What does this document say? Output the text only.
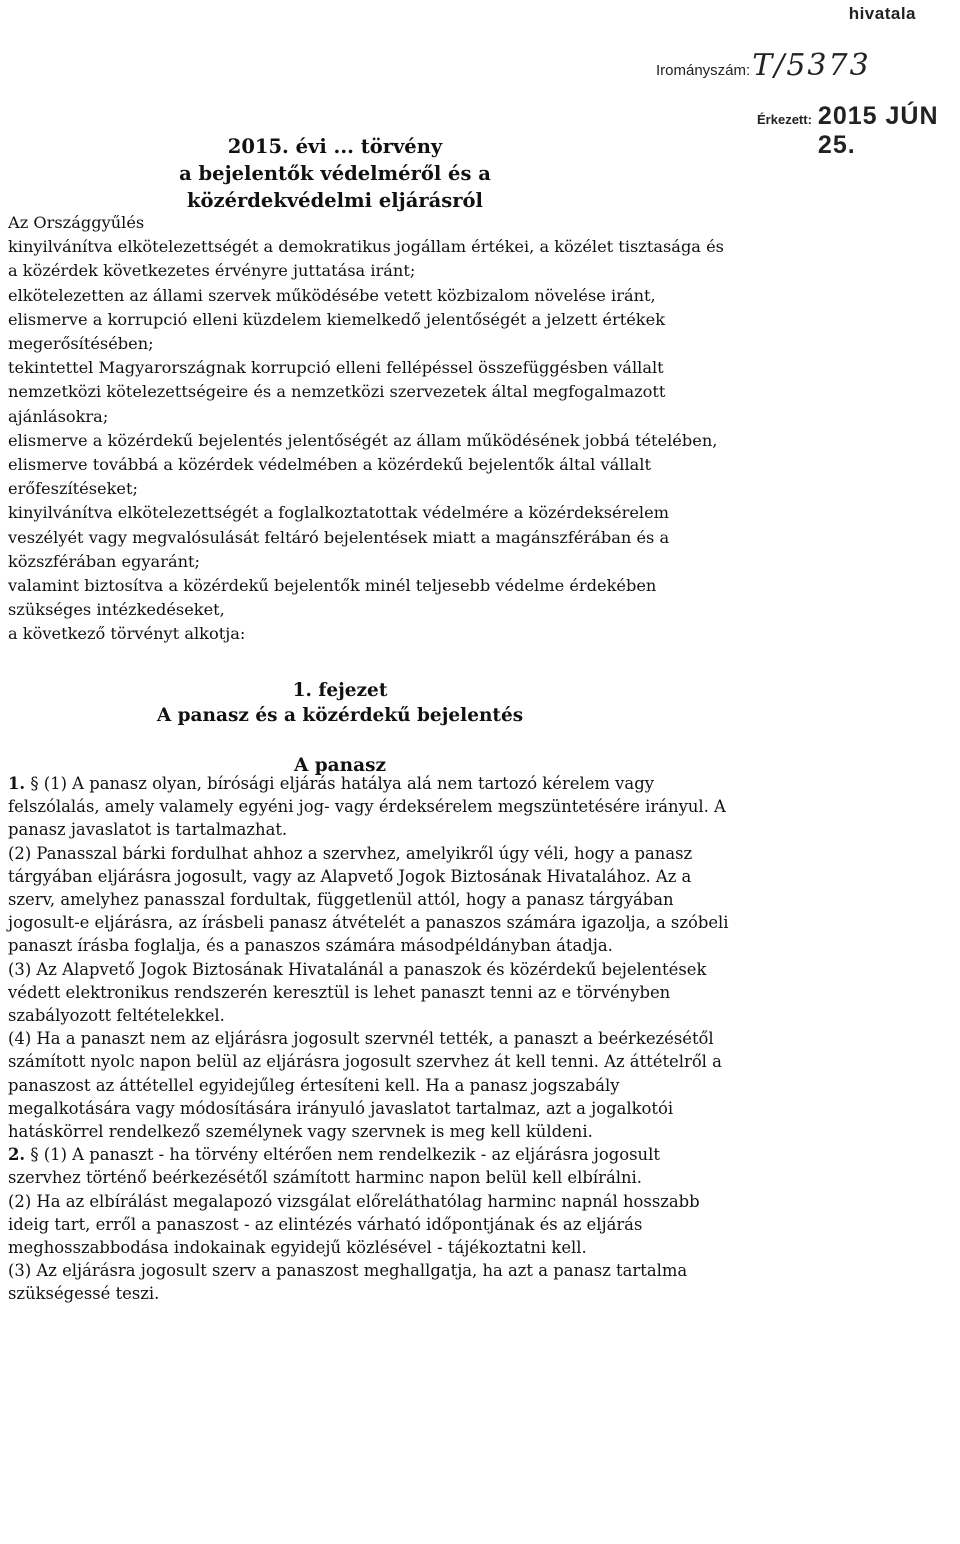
hivatala
Irományszám: T/5373
Érkezett: 2015 JÚN 25.
2015. évi ... törvény
a bejelentők védelméről és a közérdekvédelmi eljárásról
Az Országgyűlés
kinyilvánítva elkötelezettségét a demokratikus jogállam értékei, a közélet tisztasága és
a közérdek következetes érvényre juttatása iránt;
elkötelezetten az állami szervek működésébe vetett közbizalom növelése iránt,
elismerve a korrupció elleni küzdelem kiemelkedő jelentőségét a jelzett értékek
megerősítésében;
tekintettel Magyarországnak korrupció elleni fellépéssel összefüggésben vállalt
nemzetközi kötelezettségeire és a nemzetközi szervezetek által megfogalmazott
ajánlásokra;
elismerve a közérdekű bejelentés jelentőségét az állam működésének jobbá tételében,
elismerve továbbá a közérdek védelmében a közérdekű bejelentők által vállalt
erőfeszítéseket;
kinyilvánítva elkötelezettségét a foglalkoztatottak védelmére a közérdeksérelem
veszélyét vagy megvalósulását feltáró bejelentések miatt a magánszférában és a
közszférában egyaránt;
valamint biztosítva a közérdekű bejelentők minél teljesebb védelme érdekében
szükséges intézkedéseket,
a következő törvényt alkotja:
1. fejezet
A panasz és a közérdekű bejelentés
A panasz
1. § (1) A panasz olyan, bírósági eljárás hatálya alá nem tartozó kérelem vagy
felszólalás, amely valamely egyéni jog- vagy érdeksérelem megszüntetésére irányul. A
panasz javaslatot is tartalmazhat.
(2) Panasszal bárki fordulhat ahhoz a szervhez, amelyikről úgy véli, hogy a panasz
tárgyában eljárásra jogosult, vagy az Alapvető Jogok Biztosának Hivatalához. Az a
szerv, amelyhez panasszal fordultak, függetlenül attól, hogy a panasz tárgyában
jogosult-e eljárásra, az írásbeli panasz átvételét a panaszos számára igazolja, a szóbeli
panaszt írásba foglalja, és a panaszos számára másodpéldányban átadja.
(3) Az Alapvető Jogok Biztosának Hivatalánál a panaszok és közérdekű bejelentések
védett elektronikus rendszerén keresztül is lehet panaszt tenni az e törvényben
szabályozott feltételekkel.
(4) Ha a panaszt nem az eljárásra jogosult szervnél tették, a panaszt a beérkezésétől
számított nyolc napon belül az eljárásra jogosult szervhez át kell tenni. Az áttételről a
panaszost az áttétellel egyidejűleg értesíteni kell. Ha a panasz jogszabály
megalkotására vagy módosítására irányuló javaslatot tartalmaz, azt a jogalkotói
hatáskörrel rendelkező személynek vagy szervnek is meg kell küldeni.
2. § (1) A panaszt - ha törvény eltérően nem rendelkezik - az eljárásra jogosult
szervhez történő beérkezésétől számított harminc napon belül kell elbírálni.
(2) Ha az elbírálást megalapozó vizsgálat előreláthatólag harminc napnál hosszabb
ideig tart, erről a panaszost - az elintézés várható időpontjának és az eljárás
meghosszabbodása indokainak egyidejű közlésével - tájékoztatni kell.
(3) Az eljárásra jogosult szerv a panaszost meghallgatja, ha azt a panasz tartalma
szükségessé teszi.
